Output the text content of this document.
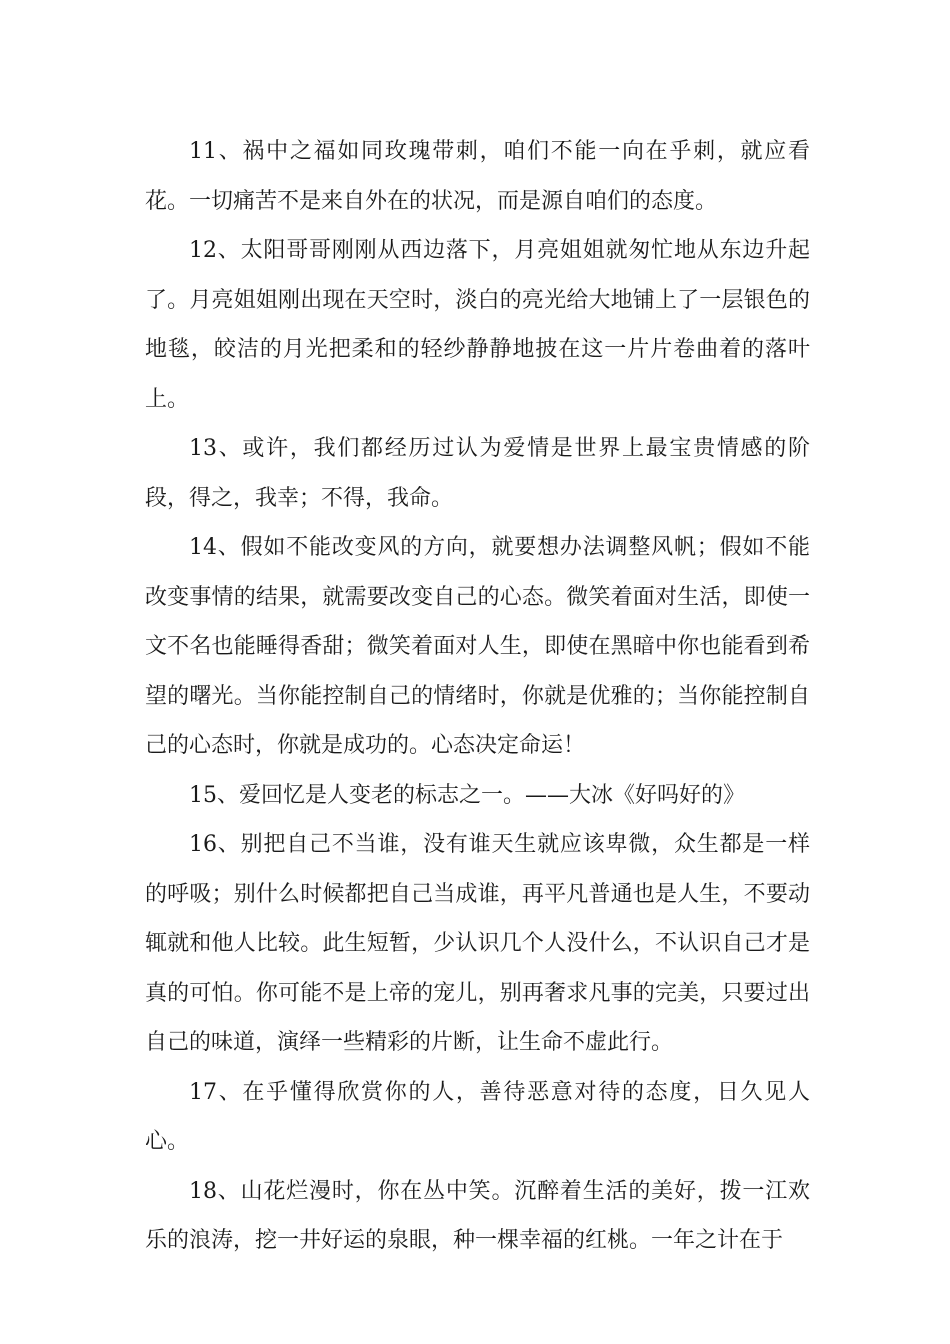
11、祸中之福如同玫瑰带刺，咱们不能一向在乎刺，就应看花。一切痛苦不是来自外在的状况，而是源自咱们的态度。

12、太阳哥哥刚刚从西边落下，月亮姐姐就匆忙地从东边升起了。月亮姐姐刚出现在天空时，淡白的亮光给大地铺上了一层银色的地毯，皎洁的月光把柔和的轻纱静静地披在这一片片卷曲着的落叶上。

13、或许，我们都经历过认为爱情是世界上最宝贵情感的阶段，得之，我幸；不得，我命。

14、假如不能改变风的方向，就要想办法调整风帆；假如不能改变事情的结果，就需要改变自己的心态。微笑着面对生活，即使一文不名也能睡得香甜；微笑着面对人生，即使在黑暗中你也能看到希望的曙光。当你能控制自己的情绪时，你就是优雅的；当你能控制自己的心态时，你就是成功的。心态决定命运！

15、爱回忆是人变老的标志之一。——大冰《好吗好的》

16、别把自己不当谁，没有谁天生就应该卑微，众生都是一样的呼吸；别什么时候都把自己当成谁，再平凡普通也是人生，不要动辄就和他人比较。此生短暂，少认识几个人没什么，不认识自己才是真的可怕。你可能不是上帝的宠儿，别再奢求凡事的完美，只要过出自己的味道，演绎一些精彩的片断，让生命不虚此行。

17、在乎懂得欣赏你的人，善待恶意对待的态度，日久见人心。

18、山花烂漫时，你在丛中笑。沉醉着生活的美好，拨一江欢乐的浪涛，挖一井好运的泉眼，种一棵幸福的红桃。一年之计在于
